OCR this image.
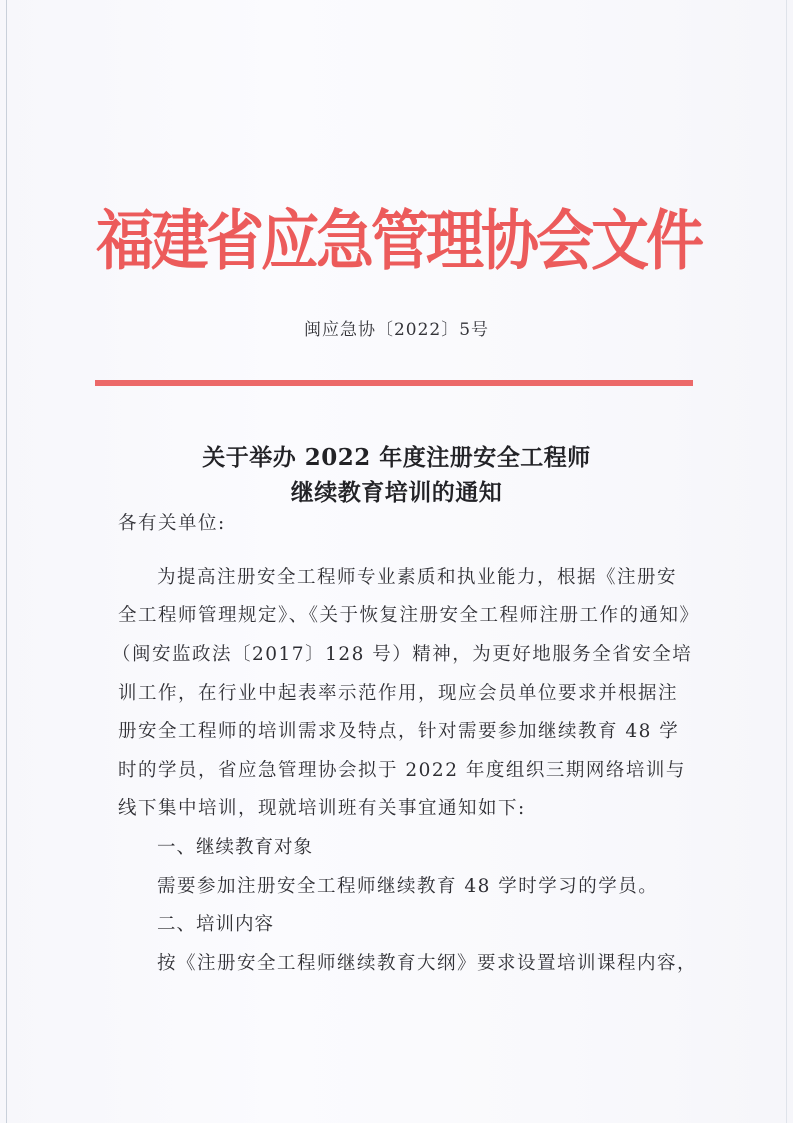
福建省应急管理协会文件
闽应急协〔2022〕5号
关于举办 2022 年度注册安全工程师
继续教育培训的通知
各有关单位:
为提高注册安全工程师专业素质和执业能力，根据《注册安
全工程师管理规定》、《关于恢复注册安全工程师注册工作的通知》
（闽安监政法〔2017〕128 号）精神，为更好地服务全省安全培
训工作，在行业中起表率示范作用，现应会员单位要求并根据注
册安全工程师的培训需求及特点，针对需要参加继续教育 48 学
时的学员，省应急管理协会拟于 2022 年度组织三期网络培训与
线下集中培训，现就培训班有关事宜通知如下:
一、继续教育对象
需要参加注册安全工程师继续教育 48 学时学习的学员。
二、培训内容
按《注册安全工程师继续教育大纲》要求设置培训课程内容，
